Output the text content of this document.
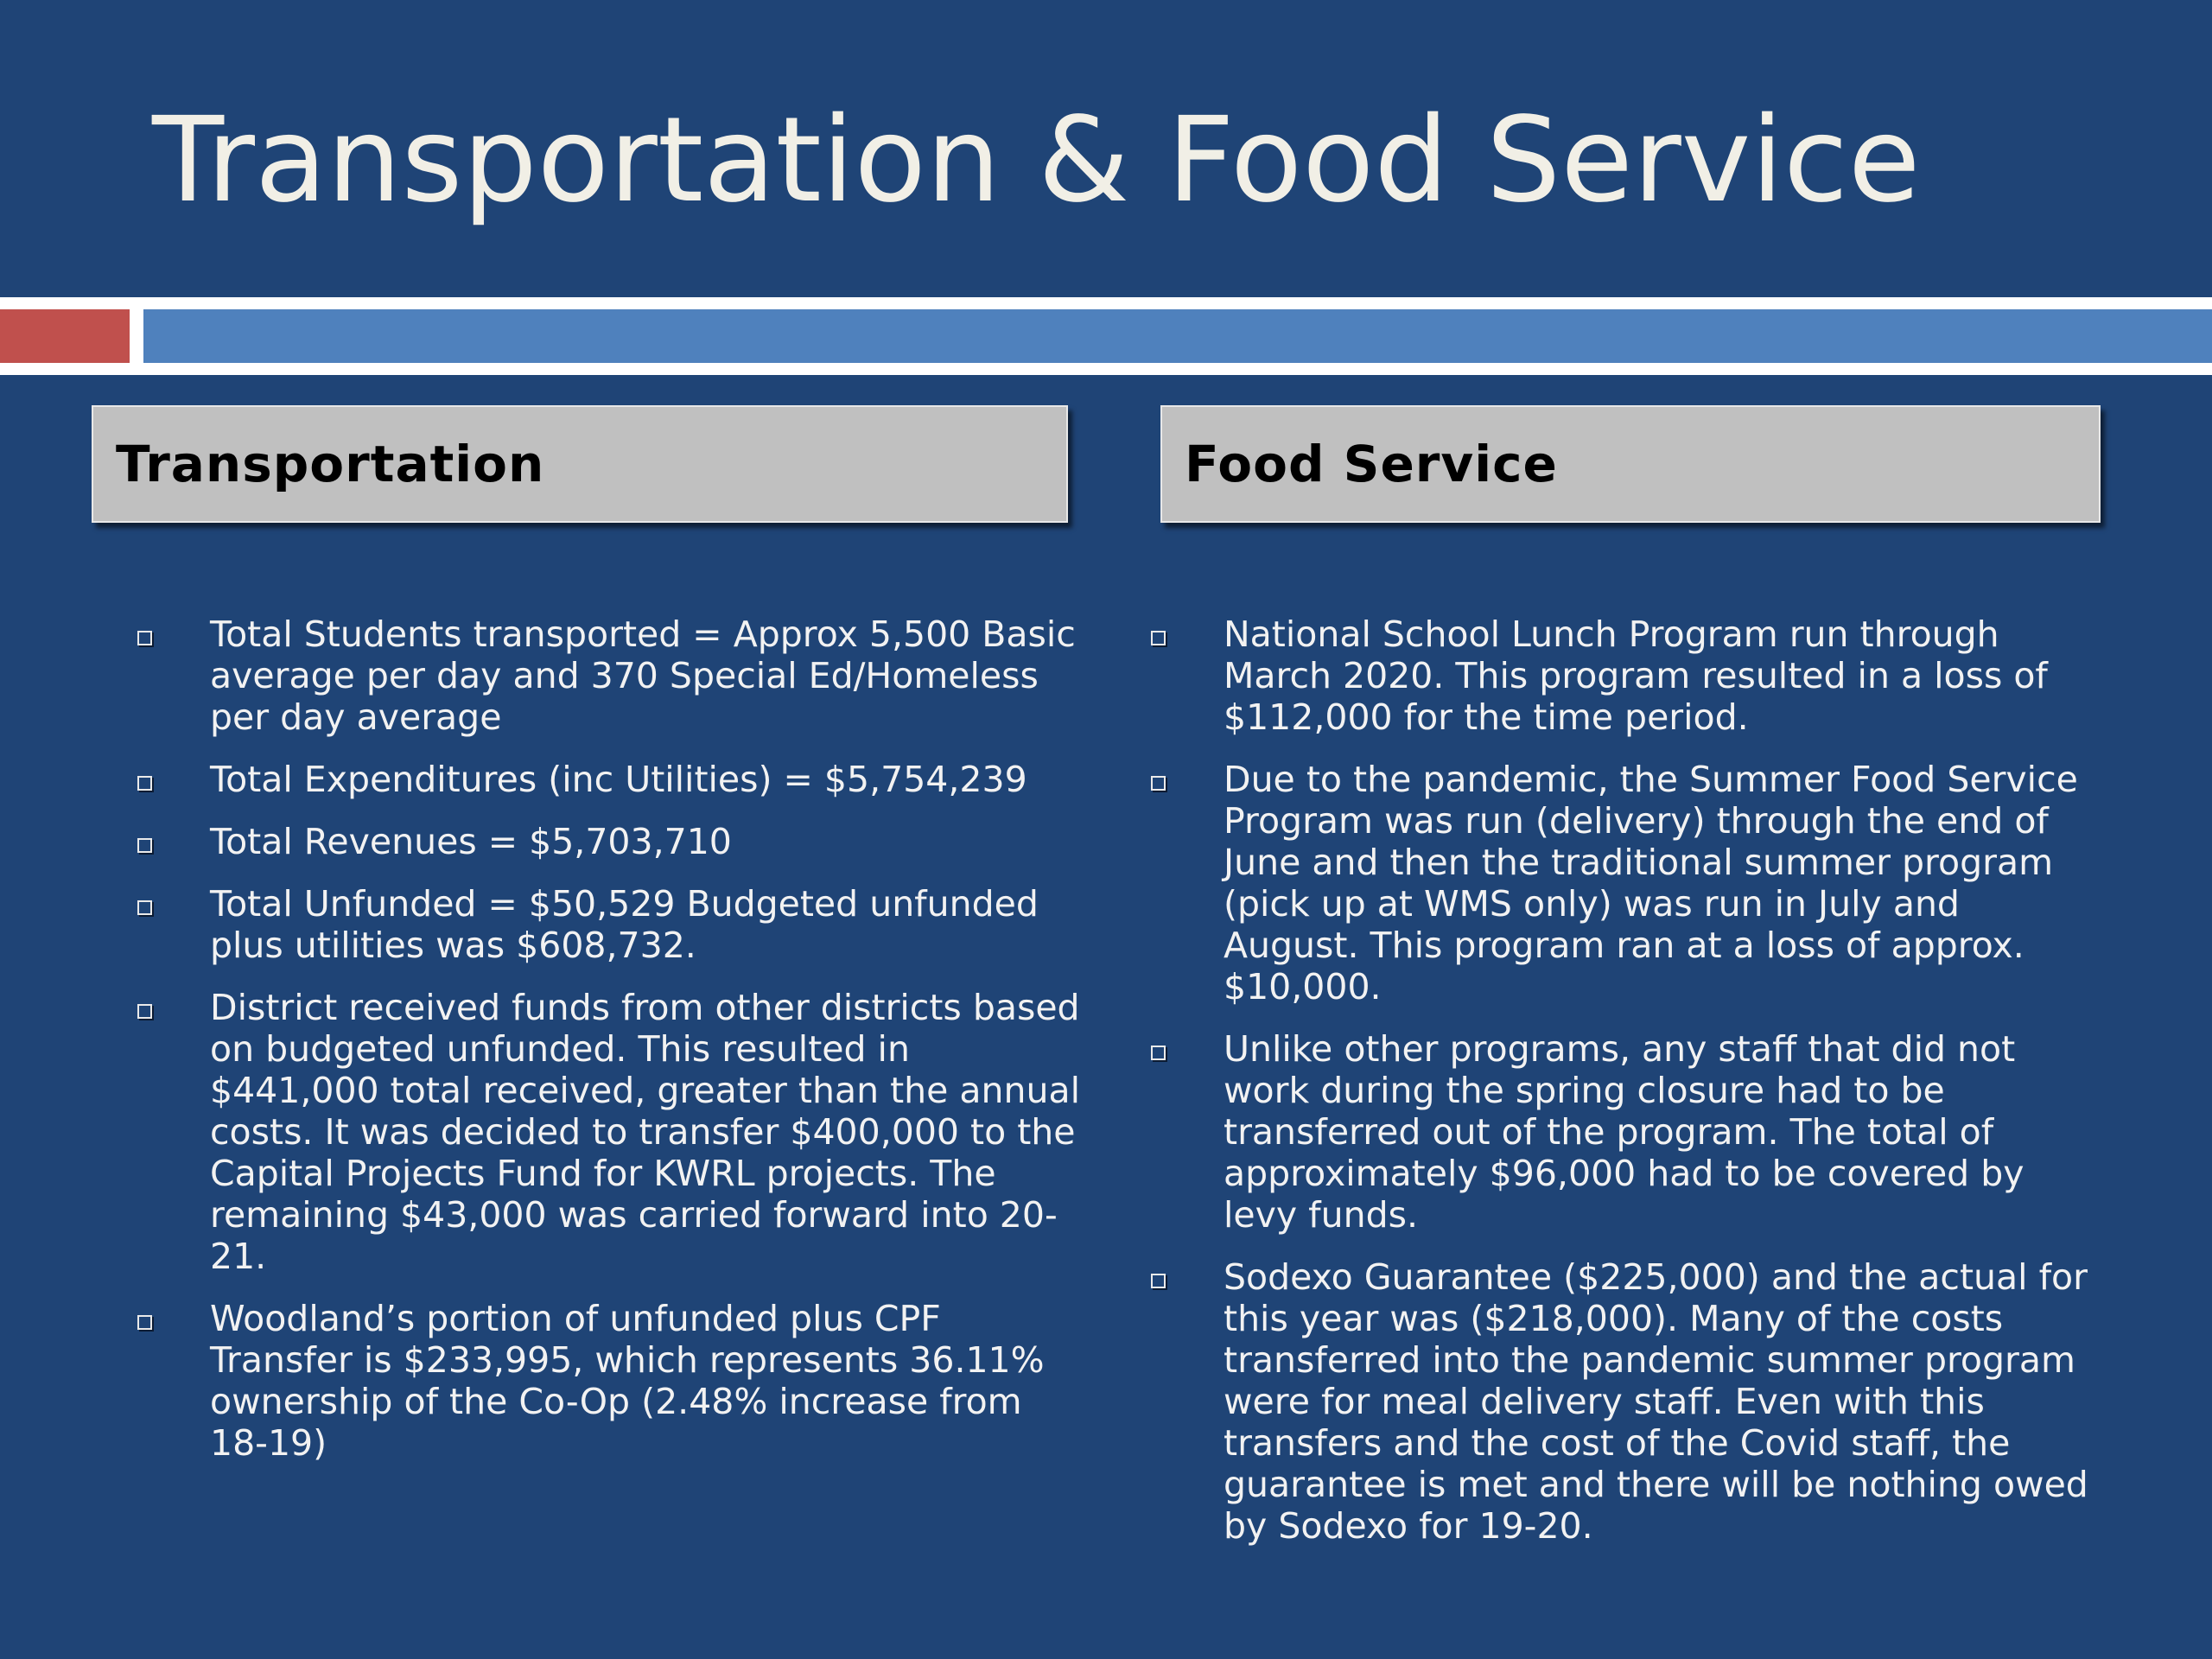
Transportation & Food Service
Transportation	Food Service
Total Students transported = Approx 5,500 Basic average per day and 370 Special Ed/Homeless per day average
Total Expenditures (inc Utilities) = $5,754,239
Total Revenues = $5,703,710
Total Unfunded = $50,529 Budgeted unfunded plus utilities was $608,732.
District received funds from other districts based on budgeted unfunded. This resulted in $441,000 total received, greater than the annual costs. It was decided to transfer $400,000 to the Capital Projects Fund for KWRL projects. The remaining $43,000 was carried forward into 20-21.
Woodland’s portion of unfunded plus CPF Transfer is $233,995, which represents 36.11% ownership of the Co-Op (2.48% increase from 18-19)
National School Lunch Program run through March 2020. This program resulted in a loss of $112,000 for the time period.
Due to the pandemic, the Summer Food Service Program was run (delivery) through the end of June and then the traditional summer program (pick up at WMS only) was run in July and August. This program ran at a loss of approx. $10,000.
Unlike other programs, any staff that did not work during the spring closure had to be transferred out of the program. The total of approximately $96,000 had to be covered by levy funds.
Sodexo Guarantee ($225,000) and the actual for this year was ($218,000). Many of the costs transferred into the pandemic summer program were for meal delivery staff. Even with this transfers and the cost of the Covid staff, the guarantee is met and there will be nothing owed by Sodexo for 19-20.
